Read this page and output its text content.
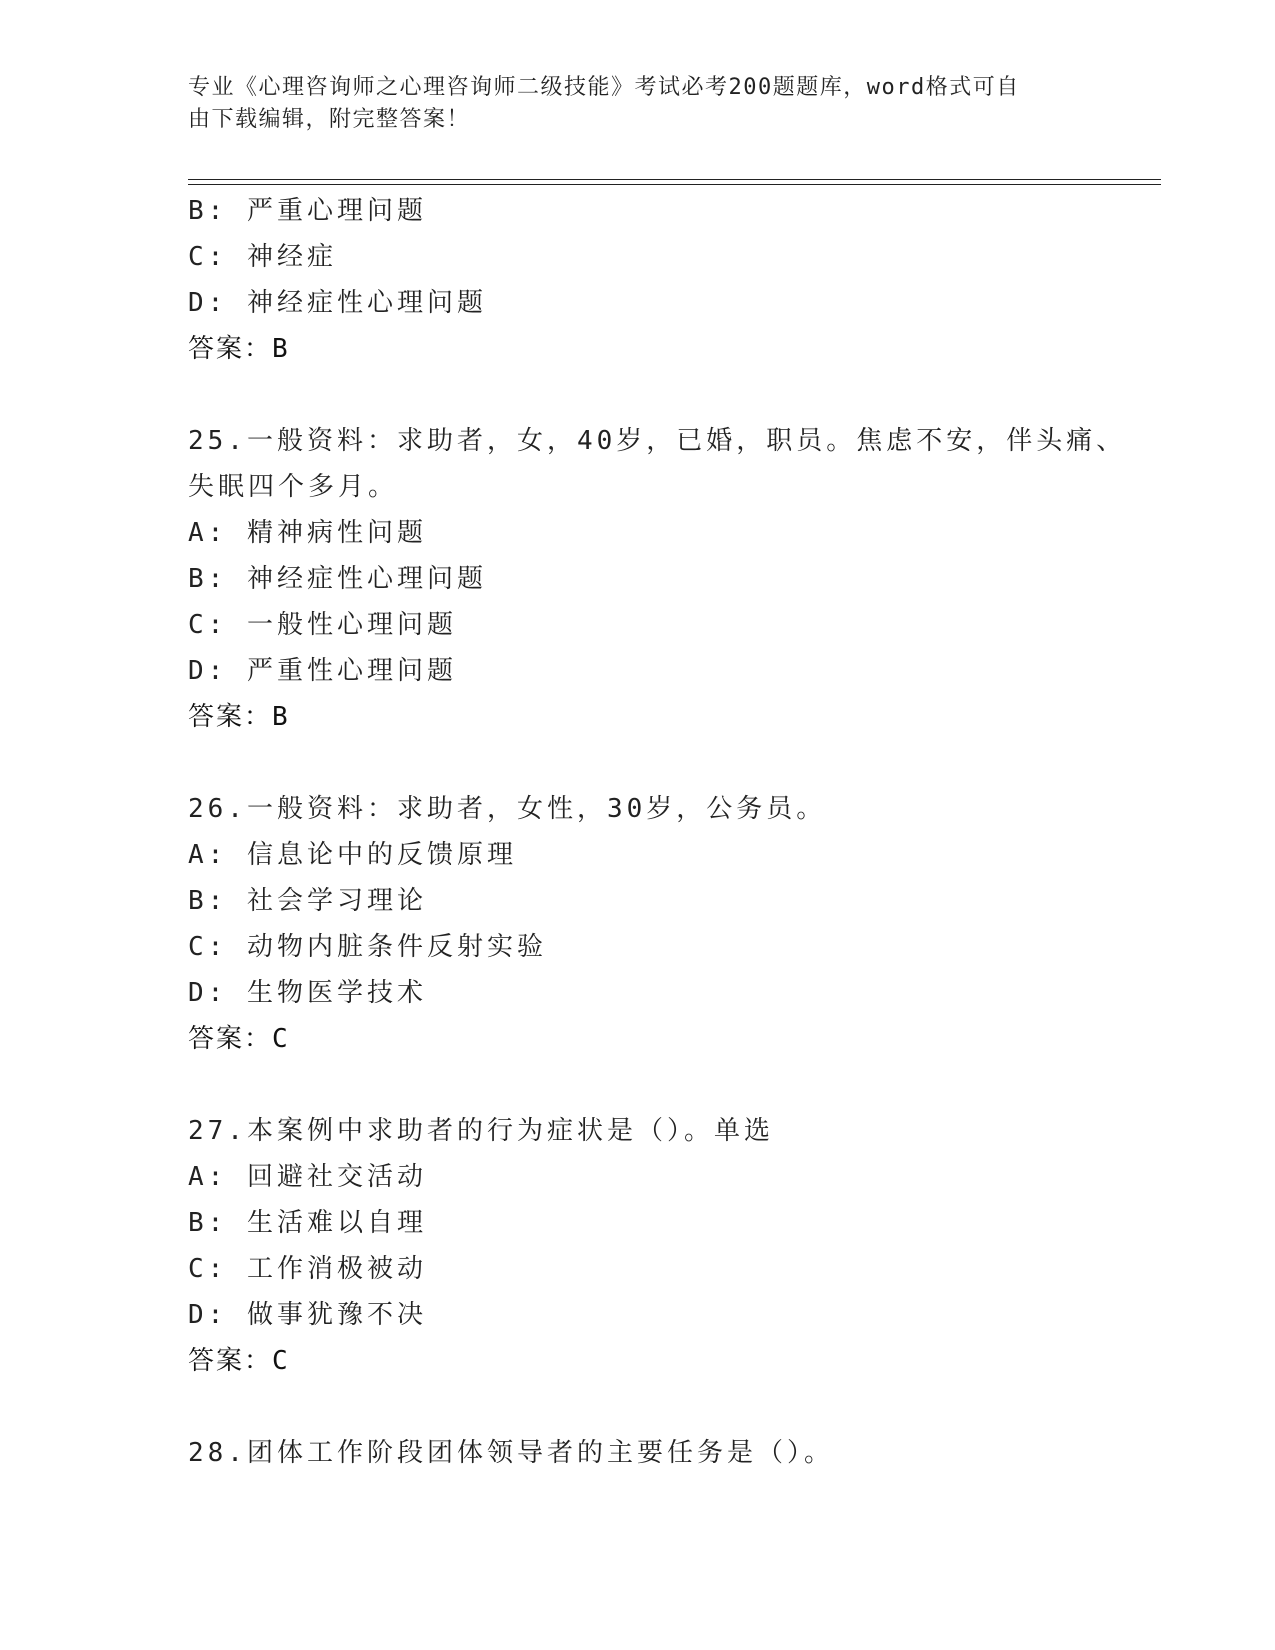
专业《心理咨询师之心理咨询师二级技能》考试必考200题题库，word格式可自
由下载编辑，附完整答案！
B: 严重心理问题
C: 神经症
D: 神经症性心理问题
答案：B
25.一般资料：求助者，女，40岁，已婚，职员。焦虑不安，伴头痛、
失眠四个多月。
A: 精神病性问题
B: 神经症性心理问题
C: 一般性心理问题
D: 严重性心理问题
答案：B
26.一般资料：求助者，女性，30岁，公务员。
A: 信息论中的反馈原理
B: 社会学习理论
C: 动物内脏条件反射实验
D: 生物医学技术
答案：C
27.本案例中求助者的行为症状是（）。单选
A: 回避社交活动
B: 生活难以自理
C: 工作消极被动
D: 做事犹豫不决
答案：C
28.团体工作阶段团体领导者的主要任务是（）。
